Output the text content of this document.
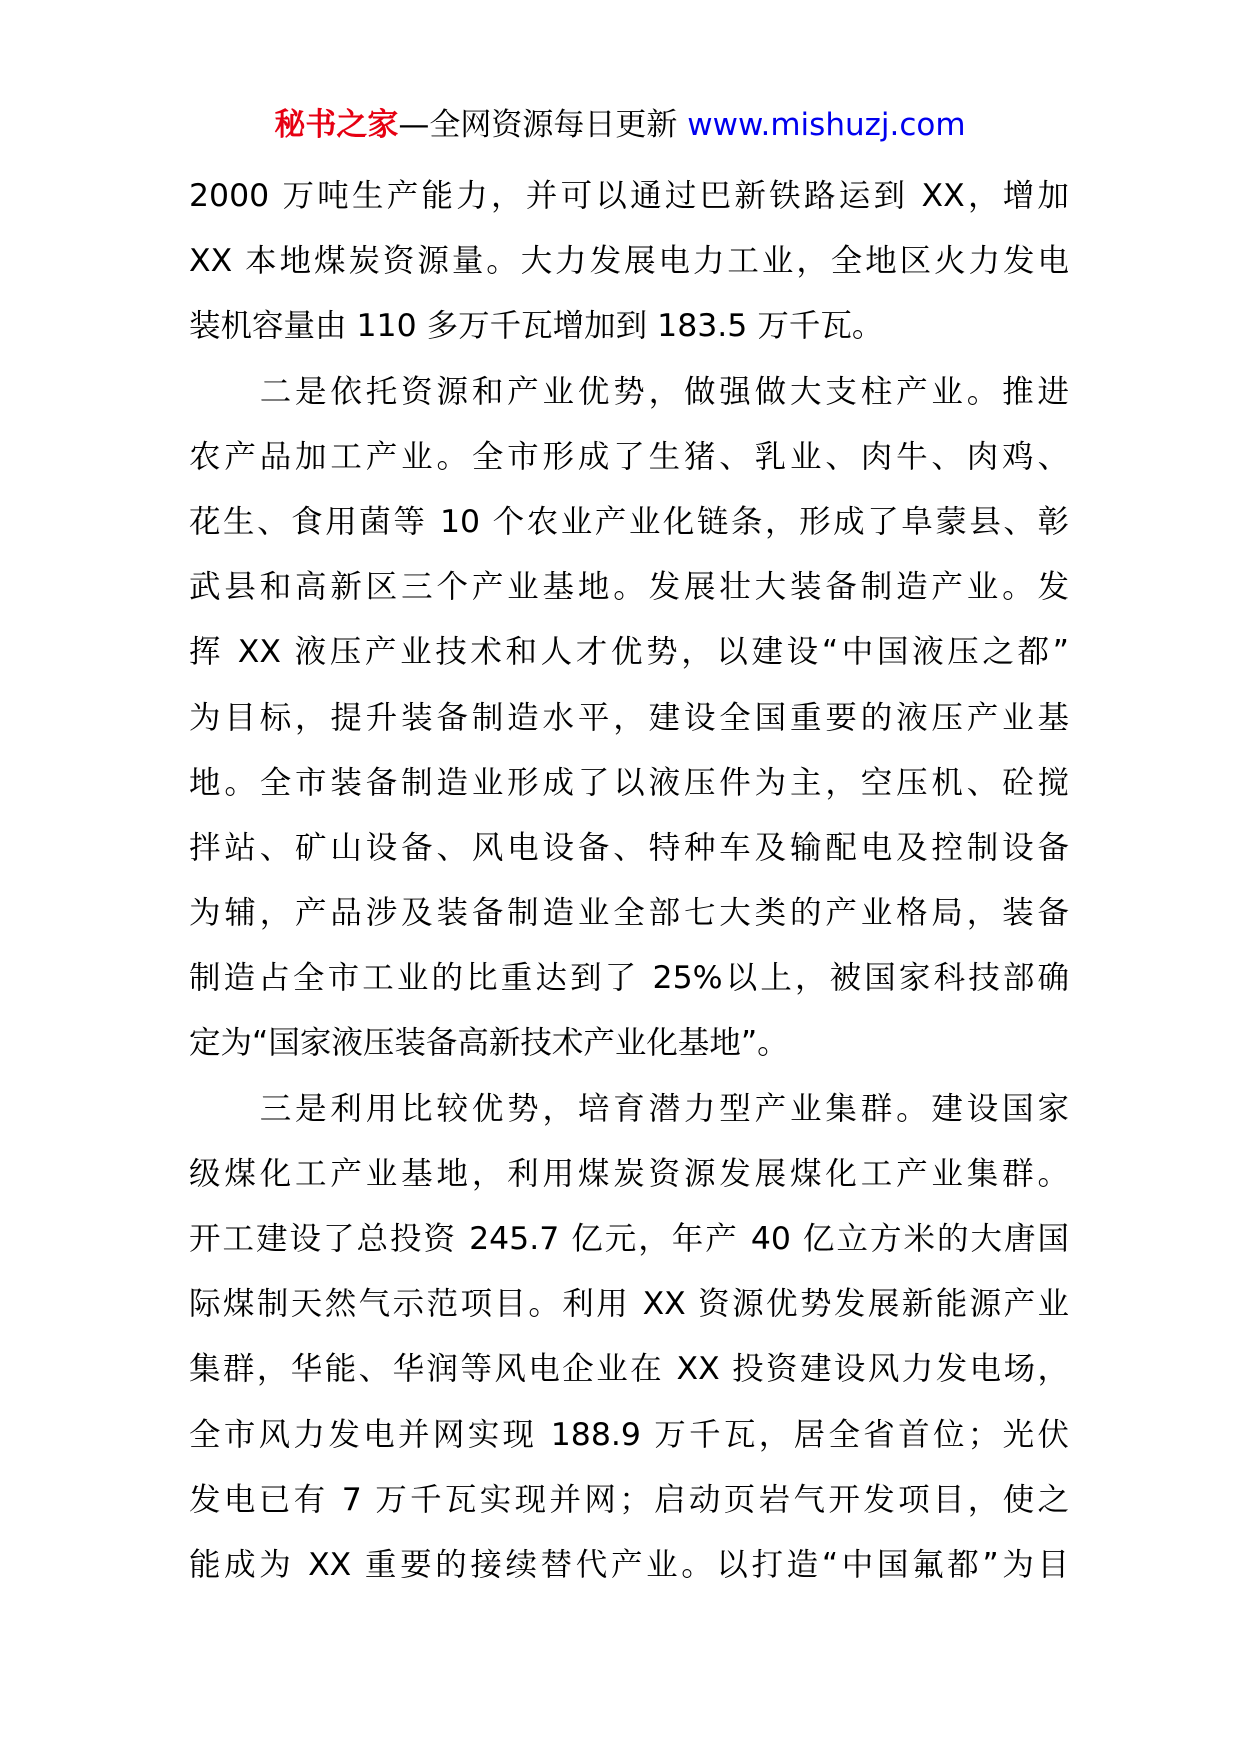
秘书之家—全网资源每日更新 www.mishuzj.com
2000 万吨生产能力，并可以通过巴新铁路运到 XX，增加
XX 本地煤炭资源量。大力发展电力工业，全地区火力发电
装机容量由 110 多万千瓦增加到 183.5 万千瓦。
　　二是依托资源和产业优势，做强做大支柱产业。推进
农产品加工产业。全市形成了生猪、乳业、肉牛、肉鸡、
花生、食用菌等 10 个农业产业化链条，形成了阜蒙县、彰
武县和高新区三个产业基地。发展壮大装备制造产业。发
挥 XX 液压产业技术和人才优势，以建设“中国液压之都”
为目标，提升装备制造水平，建设全国重要的液压产业基
地。全市装备制造业形成了以液压件为主，空压机、砼搅
拌站、矿山设备、风电设备、特种车及输配电及控制设备
为辅，产品涉及装备制造业全部七大类的产业格局，装备
制造占全市工业的比重达到了 25%以上，被国家科技部确
定为“国家液压装备高新技术产业化基地”。
　　三是利用比较优势，培育潜力型产业集群。建设国家
级煤化工产业基地，利用煤炭资源发展煤化工产业集群。
开工建设了总投资 245.7 亿元，年产 40 亿立方米的大唐国
际煤制天然气示范项目。利用 XX 资源优势发展新能源产业
集群，华能、华润等风电企业在 XX 投资建设风力发电场，
全市风力发电并网实现 188.9 万千瓦，居全省首位；光伏
发电已有 7 万千瓦实现并网；启动页岩气开发项目，使之
能成为 XX 重要的接续替代产业。以打造“中国氟都”为目
